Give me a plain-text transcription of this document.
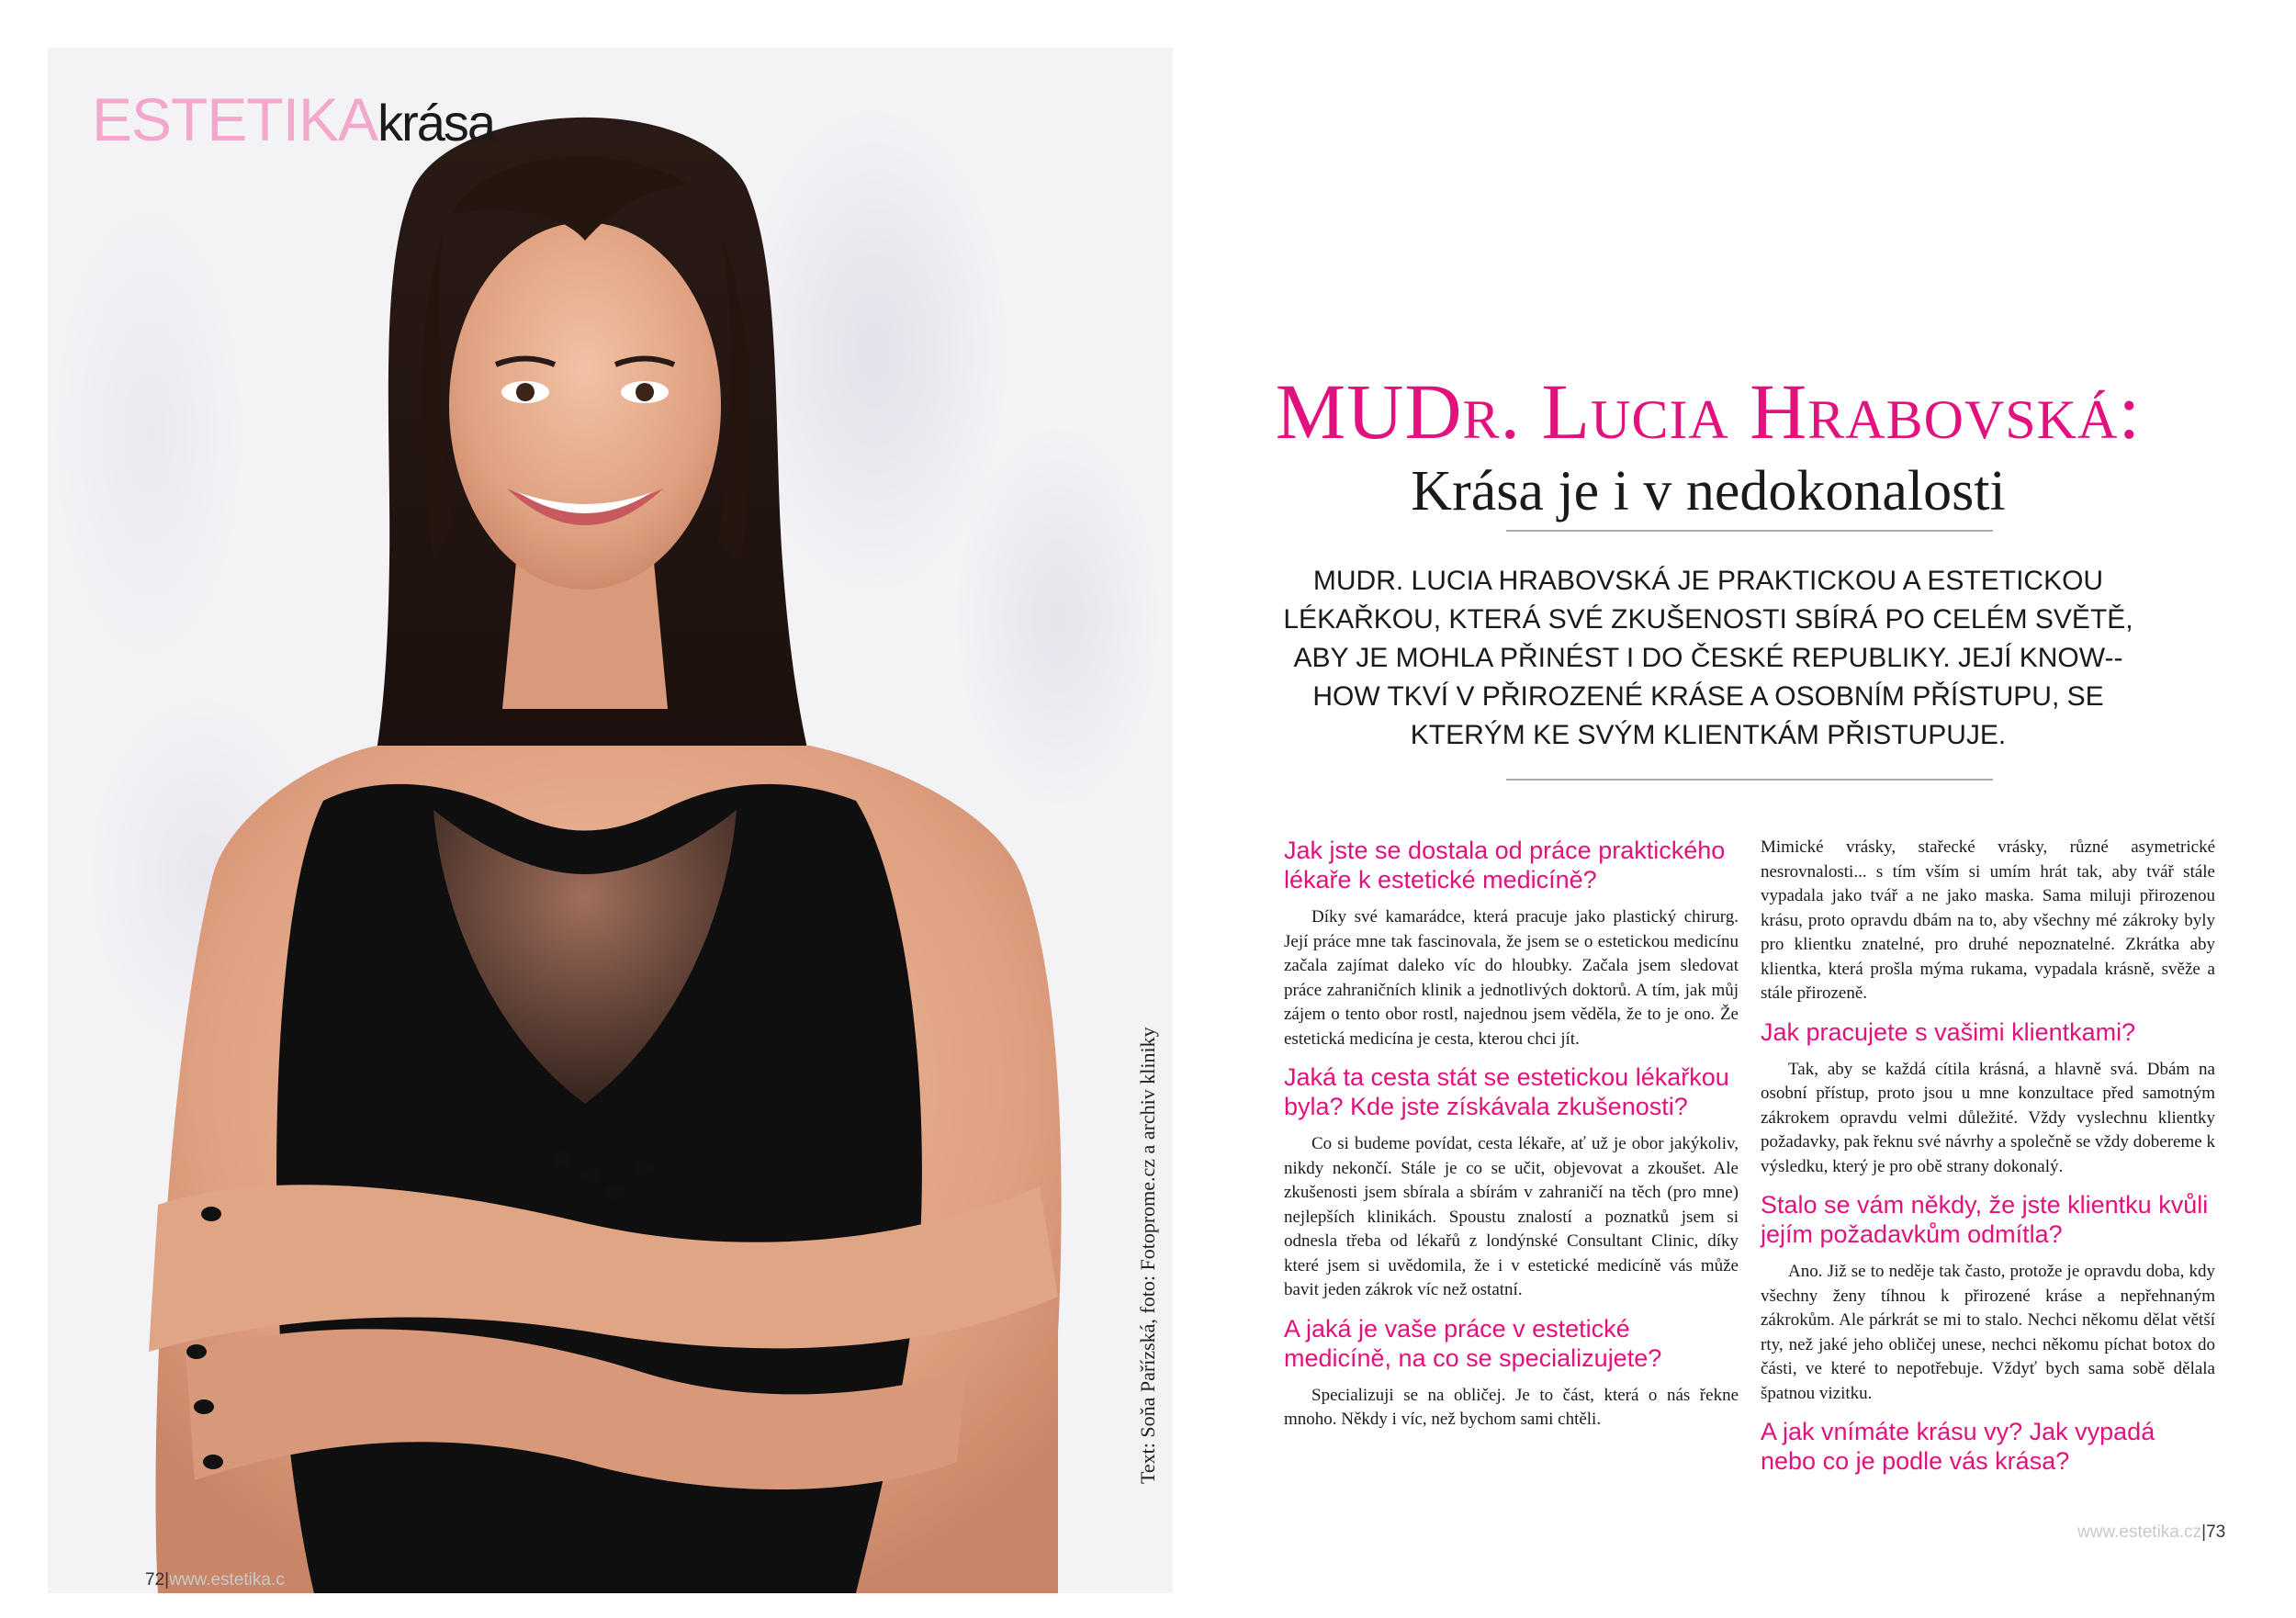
ESTETIKAkrása
72|www.estetika.c
Text: Soňa Pařízská, foto: Fotoprome.cz a archiv kliniky
MUDr. Lucia Hrabovská:
Krása je i v nedokonalosti
MUDR. LUCIA HRABOVSKÁ JE PRAKTICKOU A ESTETICKOU LÉKAŘKOU, KTERÁ SVÉ ZKUŠENOSTI SBÍRÁ PO CELÉM SVĚTĚ, ABY JE MOHLA PŘINÉST I DO ČESKÉ REPUBLIKY. JEJÍ KNOW--HOW TKVÍ V PŘIROZENÉ KRÁSE A OSOBNÍM PŘÍSTUPU, SE KTERÝM KE SVÝM KLIENTKÁM PŘISTUPUJE.

Jak jste se dostala od práce praktického lékaře k estetické medicíně?

Díky své kamarádce, která pracuje jako plastický chirurg. Její práce mne tak fascinovala, že jsem se o estetickou medicínu začala zajímat daleko víc do hloubky. Začala jsem sledovat práce zahraničních klinik a jednotlivých doktorů. A tím, jak můj zájem o tento obor rostl, najednou jsem věděla, že to je ono. Že estetická medicína je cesta, kterou chci jít.

Jaká ta cesta stát se estetickou lékařkou byla? Kde jste získávala zkušenosti?

Co si budeme povídat, cesta lékaře, ať už je obor jakýkoliv, nikdy nekončí. Stále je co se učit, objevovat a zkoušet. Ale zkušenosti jsem sbírala a sbírám v zahraničí na těch (pro mne) nejlepších klinikách. Spoustu znalostí a poznatků jsem si odnesla třeba od lékařů z londýnské Consultant Clinic, díky které jsem si uvědomila, že i v estetické medicíně vás může bavit jeden zákrok víc než ostatní.

A jaká je vaše práce v estetické medicíně, na co se specializujete?

Specializuji se na obličej. Je to část, která o nás řekne mnoho. Někdy i víc, než bychom sami chtěli.

Mimické vrásky, stařecké vrásky, různé asymetrické nesrovnalosti... s tím vším si umím hrát tak, aby tvář stále vypadala jako tvář a ne jako maska. Sama miluji přirozenou krásu, proto opravdu dbám na to, aby všechny mé zákroky byly pro klientku znatelné, pro druhé nepoznatelné. Zkrátka aby klientka, která prošla mýma rukama, vypadala krásně, svěže a stále přirozeně.

Jak pracujete s vašimi klientkami?

Tak, aby se každá cítila krásná, a hlavně svá. Dbám na osobní přístup, proto jsou u mne konzultace před samotným zákrokem opravdu velmi důležité. Vždy vyslechnu klientky požadavky, pak řeknu své návrhy a společně se vždy dobereme k výsledku, který je pro obě strany dokonalý.

Stalo se vám někdy, že jste klientku kvůli jejím požadavkům odmítla?

Ano. Již se to neděje tak často, protože je opravdu doba, kdy všechny ženy tíhnou k přirozené kráse a nepřehnaným zákrokům. Ale párkrát se mi to stalo. Nechci někomu dělat větší rty, než jaké jeho obličej unese, nechci někomu píchat botox do části, ve které to nepotřebuje. Vždyť bych sama sobě dělala špatnou vizitku.

A jak vnímáte krásu vy? Jak vypadá nebo co je podle vás krása?

www.estetika.cz|73
